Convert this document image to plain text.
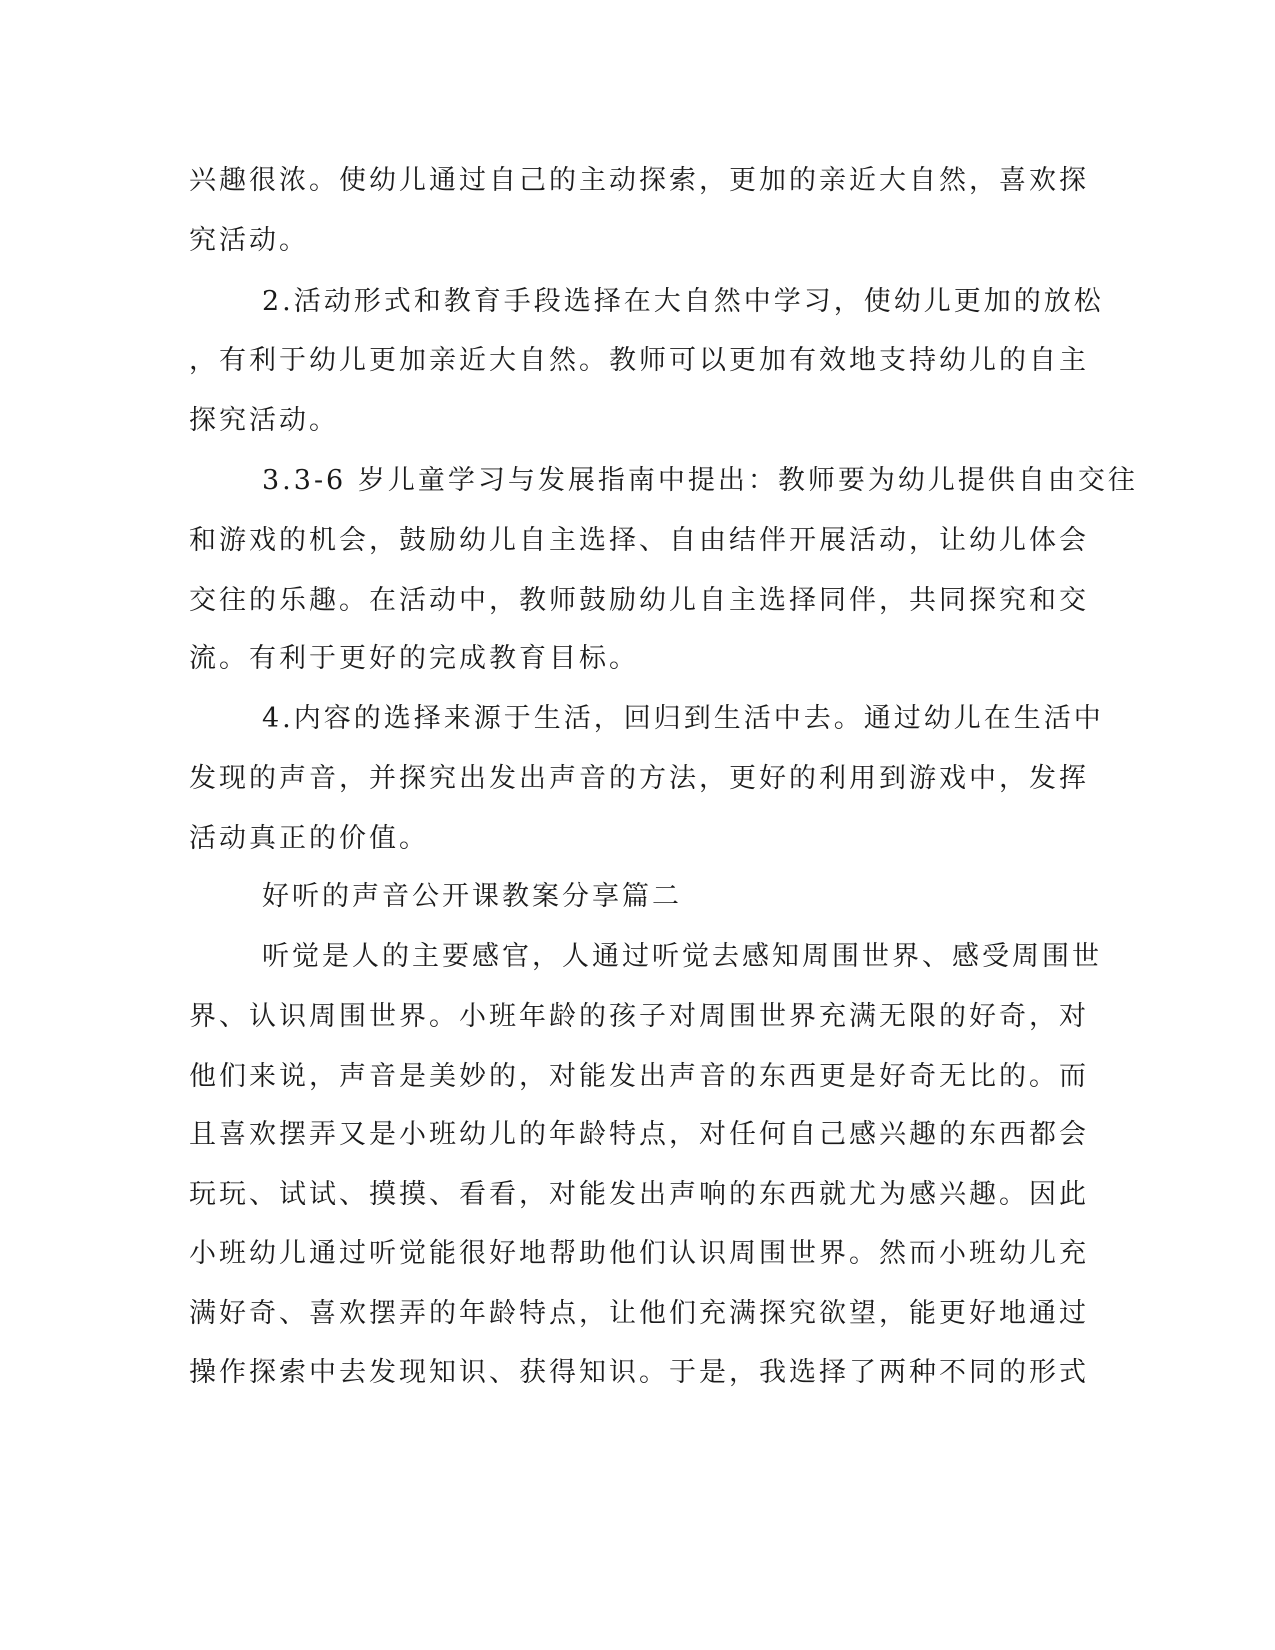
兴趣很浓。使幼儿通过自己的主动探索，更加的亲近大自然，喜欢探
究活动。
2.活动形式和教育手段选择在大自然中学习，使幼儿更加的放松
，有利于幼儿更加亲近大自然。教师可以更加有效地支持幼儿的自主
探究活动。
3.3-6 岁儿童学习与发展指南中提出：教师要为幼儿提供自由交往
和游戏的机会，鼓励幼儿自主选择、自由结伴开展活动，让幼儿体会
交往的乐趣。在活动中，教师鼓励幼儿自主选择同伴，共同探究和交
流。有利于更好的完成教育目标。
4.内容的选择来源于生活，回归到生活中去。通过幼儿在生活中
发现的声音，并探究出发出声音的方法，更好的利用到游戏中，发挥
活动真正的价值。
好听的声音公开课教案分享篇二
听觉是人的主要感官，人通过听觉去感知周围世界、感受周围世
界、认识周围世界。小班年龄的孩子对周围世界充满无限的好奇，对
他们来说，声音是美妙的，对能发出声音的东西更是好奇无比的。而
且喜欢摆弄又是小班幼儿的年龄特点，对任何自己感兴趣的东西都会
玩玩、试试、摸摸、看看，对能发出声响的东西就尤为感兴趣。因此
小班幼儿通过听觉能很好地帮助他们认识周围世界。然而小班幼儿充
满好奇、喜欢摆弄的年龄特点，让他们充满探究欲望，能更好地通过
操作探索中去发现知识、获得知识。于是，我选择了两种不同的形式
